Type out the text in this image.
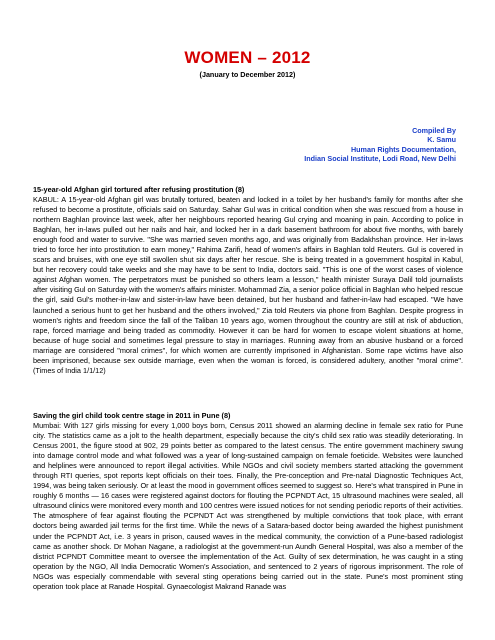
WOMEN – 2012
(January to December 2012)
Compiled By
K. Samu
Human Rights Documentation,
Indian Social Institute, Lodi Road, New Delhi
15-year-old Afghan girl tortured after refusing prostitution (8)

KABUL: A 15-year-old Afghan girl was brutally tortured, beaten and locked in a toilet by her husband's family for months after she refused to become a prostitute, officials said on Saturday. Sahar Gul was in critical condition when she was rescued from a house in northern Baghlan province last week, after her neighbours reported hearing Gul crying and moaning in pain. According to police in Baghlan, her in-laws pulled out her nails and hair, and locked her in a dark basement bathroom for about five months, with barely enough food and water to survive. "She was married seven months ago, and was originally from Badakhshan province. Her in-laws tried to force her into prostitution to earn money," Rahima Zarifi, head of women's affairs in Baghlan told Reuters. Gul is covered in scars and bruises, with one eye still swollen shut six days after her rescue. She is being treated in a government hospital in Kabul, but her recovery could take weeks and she may have to be sent to India, doctors said. "This is one of the worst cases of violence against Afghan women. The perpetrators must be punished so others learn a lesson," health minister Suraya Dalil told journalists after visiting Gul on Saturday with the women's affairs minister. Mohammad Zia, a senior police official in Baghlan who helped rescue the girl, said Gul's mother-in-law and sister-in-law have been detained, but her husband and father-in-law had escaped. "We have launched a serious hunt to get her husband and the others involved," Zia told Reuters via phone from Baghlan. Despite progress in women's rights and freedom since the fall of the Taliban 10 years ago, women throughout the country are still at risk of abduction, rape, forced marriage and being traded as commodity. However it can be hard for women to escape violent situations at home, because of huge social and sometimes legal pressure to stay in marriages. Running away from an abusive husband or a forced marriage are considered "moral crimes", for which women are currently imprisoned in Afghanistan. Some rape victims have also been imprisoned, because sex outside marriage, even when the woman is forced, is considered adultery, another "moral crime". (Times of India 1/1/12)

Saving the girl child took centre stage in 2011 in Pune (8)

Mumbai: With 127 girls missing for every 1,000 boys born, Census 2011 showed an alarming decline in female sex ratio for Pune city. The statistics came as a jolt to the health department, especially because the city's child sex ratio was steadily deteriorating. In Census 2001, the figure stood at 902, 29 points better as compared to the latest census. The entire government machinery swung into damage control mode and what followed was a year of long-sustained campaign on female foeticide. Websites were launched and helplines were announced to report illegal activities. While NGOs and civil society members started attacking the government through RTI queries, spot reports kept officials on their toes. Finally, the Pre-conception and Pre-natal Diagnostic Techniques Act, 1994, was being taken seriously. Or at least the mood in government offices seemed to suggest so. Here's what transpired in Pune in roughly 6 months — 16 cases were registered against doctors for flouting the PCPNDT Act, 15 ultrasound machines were sealed, all ultrasound clinics were monitored every month and 100 centres were issued notices for not sending periodic reports of their activities. The atmosphere of fear against flouting the PCPNDT Act was strengthened by multiple convictions that took place, with errant doctors being awarded jail terms for the first time. While the news of a Satara-based doctor being awarded the highest punishment under the PCPNDT Act, i.e. 3 years in prison, caused waves in the medical community, the conviction of a Pune-based radiologist came as another shock. Dr Mohan Nagane, a radiologist at the government-run Aundh General Hospital, was also a member of the district PCPNDT Committee meant to oversee the implementation of the Act. Guilty of sex determination, he was caught in a sting operation by the NGO, All India Democratic Women's Association, and sentenced to 2 years of rigorous imprisonment. The role of NGOs was especially commendable with several sting operations being carried out in the state. Pune's most prominent sting operation took place at Ranade Hospital. Gynaecologist Makrand Ranade was
